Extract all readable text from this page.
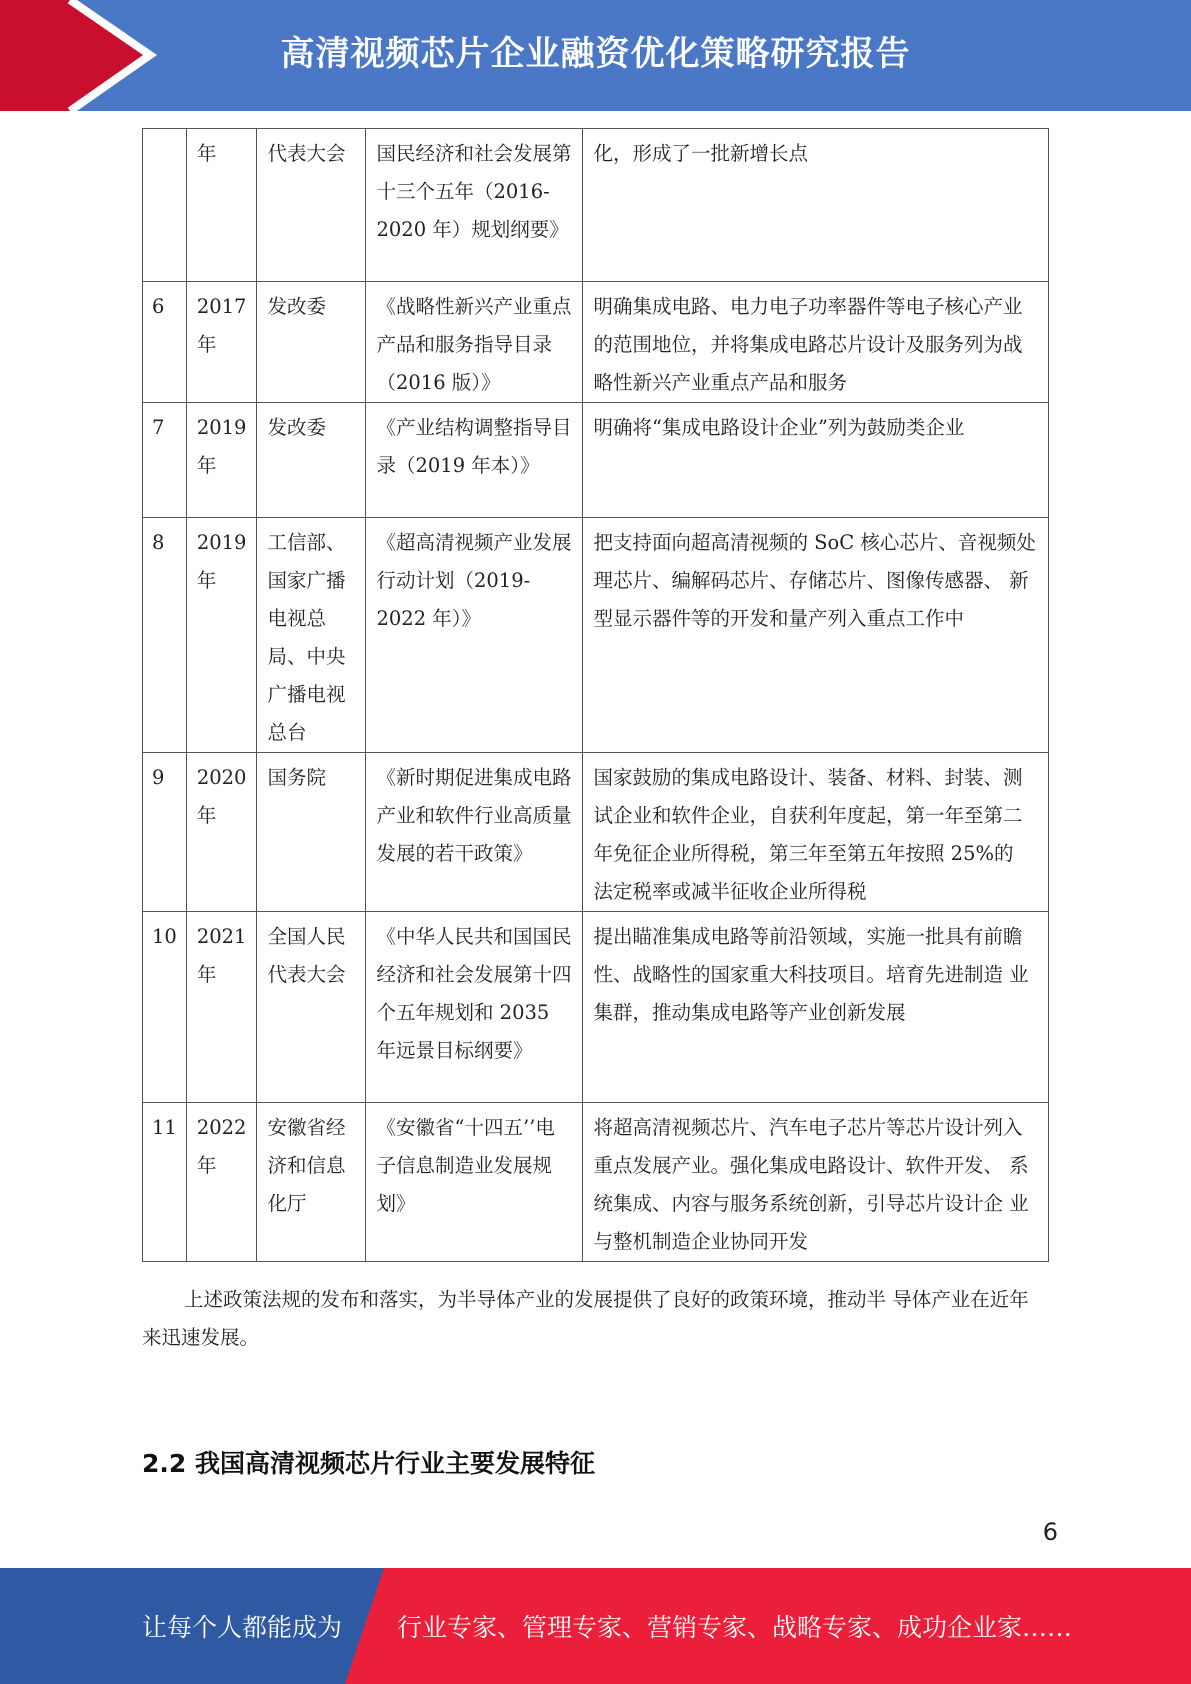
高清视频芯片企业融资优化策略研究报告
	年	代表大会	国民经济和社会发展第十三个五年（2016-2020 年）规划纲要》	化，形成了一批新增长点
6	2017年	发改委	《战略性新兴产业重点产品和服务指导目录（2016 版）》	明确集成电路、电力电子功率器件等电子核心产业的范围地位，并将集成电路芯片设计及服务列为战略性新兴产业重点产品和服务
7	2019年	发改委	《产业结构调整指导目录（2019 年本）》	明确将“集成电路设计企业”列为鼓励类企业
8	2019年	工信部、国家广播电视总局、中央广播电视总台	《超高清视频产业发展行动计划（2019-2022 年）》	把支持面向超高清视频的 SoC 核心芯片、音视频处理芯片、编解码芯片、存储芯片、图像传感器、 新型显示器件等的开发和量产列入重点工作中
9	2020年	国务院	《新时期促进集成电路产业和软件行业高质量发展的若干政策》	国家鼓励的集成电路设计、装备、材料、封装、测 试企业和软件企业，自获利年度起，第一年至第二 年免征企业所得税，第三年至第五年按照 25%的 法定税率或减半征收企业所得税
10	2021年	全国人民代表大会	《中华人民共和国国民经济和社会发展第十四个五年规划和 2035 年远景目标纲要》	提出瞄准集成电路等前沿领域，实施一批具有前瞻性、战略性的国家重大科技项目。培育先进制造 业集群，推动集成电路等产业创新发展
11	2022年	安徽省经济和信息化厅	《安徽省“十四五’’电子信息制造业发展规划》	将超高清视频芯片、汽车电子芯片等芯片设计列入重点发展产业。强化集成电路设计、软件开发、 系统集成、内容与服务系统创新，引导芯片设计企 业与整机制造企业协同开发

上述政策法规的发布和落实，为半导体产业的发展提供了良好的政策环境，推动半 导体产业在近年来迅速发展。

2.2 我国高清视频芯片行业主要发展特征
6
让每个人都能成为 行业专家、管理专家、营销专家、战略专家、成功企业家……
